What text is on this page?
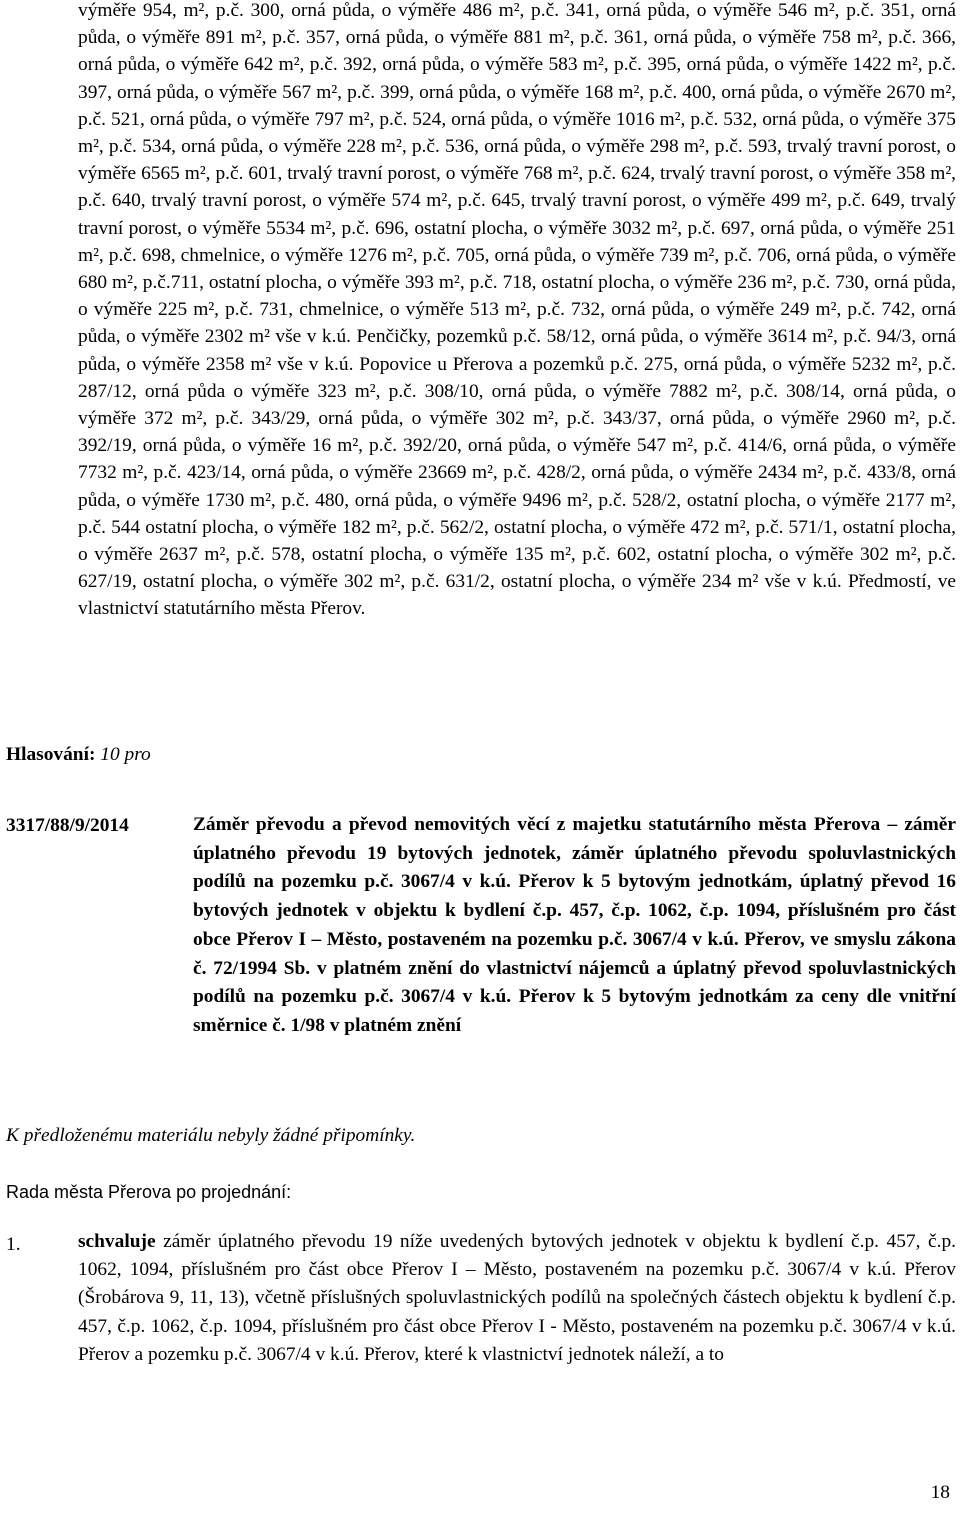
výměře 954, m², p.č. 300, orná půda, o výměře 486 m², p.č. 341, orná půda, o výměře 546 m², p.č. 351, orná půda, o výměře 891 m², p.č. 357, orná půda, o výměře 881 m², p.č. 361, orná půda, o výměře 758 m², p.č. 366, orná půda, o výměře 642 m², p.č. 392, orná půda, o výměře 583 m², p.č. 395, orná půda, o výměře 1422 m², p.č. 397, orná půda, o výměře 567 m², p.č. 399, orná půda, o výměře 168 m², p.č. 400, orná půda, o výměře 2670 m², p.č. 521, orná půda, o výměře 797 m², p.č. 524, orná půda, o výměře 1016 m², p.č. 532, orná půda, o výměře 375 m², p.č. 534, orná půda, o výměře 228 m², p.č. 536, orná půda, o výměře 298 m², p.č. 593, trvalý travní porost, o výměře 6565 m², p.č. 601, trvalý travní porost, o výměře 768 m², p.č. 624, trvalý travní porost, o výměře 358 m², p.č. 640, trvalý travní porost, o výměře 574 m², p.č. 645, trvalý travní porost, o výměře 499 m², p.č. 649, trvalý travní porost, o výměře 5534 m², p.č. 696, ostatní plocha, o výměře 3032 m², p.č. 697, orná půda, o výměře 251 m², p.č. 698, chmelnice, o výměře 1276 m², p.č. 705, orná půda, o výměře 739 m², p.č. 706, orná půda, o výměře 680 m², p.č.711, ostatní plocha, o výměře 393 m², p.č. 718, ostatní plocha, o výměře 236 m², p.č. 730, orná půda, o výměře 225 m², p.č. 731, chmelnice, o výměře 513 m², p.č. 732, orná půda, o výměře 249 m², p.č. 742, orná půda, o výměře 2302 m² vše v k.ú. Penčičky, pozemků p.č. 58/12, orná půda, o výměře 3614 m², p.č. 94/3, orná půda, o výměře 2358 m² vše v k.ú. Popovice u Přerova a pozemků p.č. 275, orná půda, o výměře 5232 m², p.č. 287/12, orná půda o výměře 323 m², p.č. 308/10, orná půda, o výměře 7882 m², p.č. 308/14, orná půda, o výměře 372 m², p.č. 343/29, orná půda, o výměře 302 m², p.č. 343/37, orná půda, o výměře 2960 m², p.č. 392/19, orná půda, o výměře 16 m², p.č. 392/20, orná půda, o výměře 547 m², p.č. 414/6, orná půda, o výměře 7732 m², p.č. 423/14, orná půda, o výměře 23669 m², p.č. 428/2, orná půda, o výměře 2434 m², p.č. 433/8, orná půda, o výměře 1730 m², p.č. 480, orná půda, o výměře 9496 m², p.č. 528/2, ostatní plocha, o výměře 2177 m², p.č. 544 ostatní plocha, o výměře 182 m², p.č. 562/2, ostatní plocha, o výměře 472 m², p.č. 571/1, ostatní plocha, o výměře 2637 m², p.č. 578, ostatní plocha, o výměře 135 m², p.č. 602, ostatní plocha, o výměře 302 m², p.č. 627/19, ostatní plocha, o výměře 302 m², p.č. 631/2, ostatní plocha, o výměře 234 m² vše v k.ú. Předmostí, ve vlastnictví statutárního města Přerov.
Hlasování: 10 pro
3317/88/9/2014	Záměr převodu a převod nemovitých věcí z majetku statutárního města Přerova – záměr úplatného převodu 19 bytových jednotek, záměr úplatného převodu spoluvlastnických podílů na pozemku p.č. 3067/4 v k.ú. Přerov k 5 bytovým jednotkám, úplatný převod 16 bytových jednotek v objektu k bydlení č.p. 457, č.p. 1062, č.p. 1094, příslušném pro část obce Přerov I – Město, postaveném na pozemku p.č. 3067/4 v k.ú. Přerov, ve smyslu zákona č. 72/1994 Sb. v platném znění do vlastnictví nájemců a úplatný převod spoluvlastnických podílů na pozemku p.č. 3067/4 v k.ú. Přerov k 5 bytovým jednotkám za ceny dle vnitřní směrnice č. 1/98 v platném znění
K předloženému materiálu nebyly žádné připomínky.
Rada města Přerova po projednání:
1.	schvaluje záměr úplatného převodu 19 níže uvedených bytových jednotek v objektu k bydlení č.p. 457, č.p. 1062, 1094, příslušném pro část obce Přerov I – Město, postaveném na pozemku p.č. 3067/4 v k.ú. Přerov (Šrobárova 9, 11, 13), včetně příslušných spoluvlastnických podílů na společných částech objektu k bydlení č.p. 457, č.p. 1062, č.p. 1094, příslušném pro část obce Přerov I - Město, postaveném na pozemku p.č. 3067/4 v k.ú. Přerov a pozemku p.č. 3067/4 v k.ú. Přerov, které k vlastnictví jednotek náleží, a to
18
